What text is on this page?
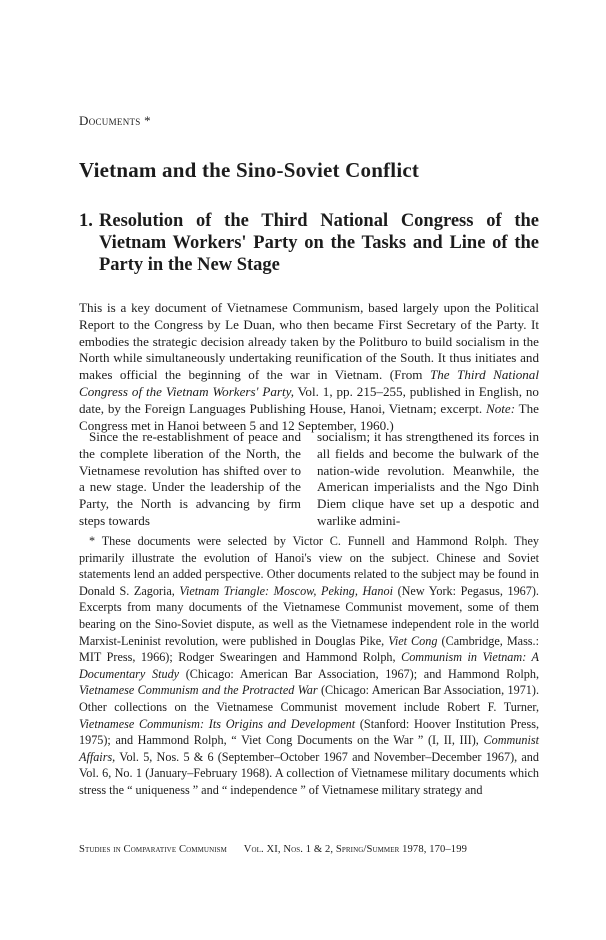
Documents *
Vietnam and the Sino-Soviet Conflict
1. Resolution of the Third National Congress of the Vietnam Workers' Party on the Tasks and Line of the Party in the New Stage

This is a key document of Vietnamese Communism, based largely upon the Political Report to the Congress by Le Duan, who then became First Secretary of the Party. It embodies the strategic decision already taken by the Politburo to build socialism in the North while simultaneously undertaking reunification of the South. It thus initiates and makes official the beginning of the war in Vietnam. (From The Third National Congress of the Vietnam Workers' Party, Vol. 1, pp. 215–255, published in English, no date, by the Foreign Languages Publishing House, Hanoi, Vietnam; excerpt. Note: The Congress met in Hanoi between 5 and 12 September, 1960.)

Since the re-establishment of peace and the complete liberation of the North, the Vietnamese revolution has shifted over to a new stage. Under the leadership of the Party, the North is advancing by firm steps towards

socialism; it has strengthened its forces in all fields and become the bulwark of the nation-wide revolution. Meanwhile, the American imperialists and the Ngo Dinh Diem clique have set up a despotic and warlike admini-

* These documents were selected by Victor C. Funnell and Hammond Rolph. They primarily illustrate the evolution of Hanoi's view on the subject. Chinese and Soviet statements lend an added perspective. Other documents related to the subject may be found in Donald S. Zagoria, Vietnam Triangle: Moscow, Peking, Hanoi (New York: Pegasus, 1967). Excerpts from many documents of the Vietnamese Communist movement, some of them bearing on the Sino-Soviet dispute, as well as the Vietnamese independent role in the world Marxist-Leninist revolution, were published in Douglas Pike, Viet Cong (Cambridge, Mass.: MIT Press, 1966); Rodger Swearingen and Hammond Rolph, Communism in Vietnam: A Documentary Study (Chicago: American Bar Association, 1967); and Hammond Rolph, Vietnamese Communism and the Protracted War (Chicago: American Bar Association, 1971). Other collections on the Vietnamese Communist movement include Robert F. Turner, Vietnamese Communism: Its Origins and Development (Stanford: Hoover Institution Press, 1975); and Hammond Rolph, “ Viet Cong Documents on the War ” (I, II, III), Communist Affairs, Vol. 5, Nos. 5 & 6 (September–October 1967 and November–December 1967), and Vol. 6, No. 1 (January–February 1968). A collection of Vietnamese military documents which stress the “ uniqueness ” and “ independence ” of Vietnamese military strategy and

Studies in Comparative Communism Vol. XI, Nos. 1 & 2, Spring/Summer 1978, 170–199
